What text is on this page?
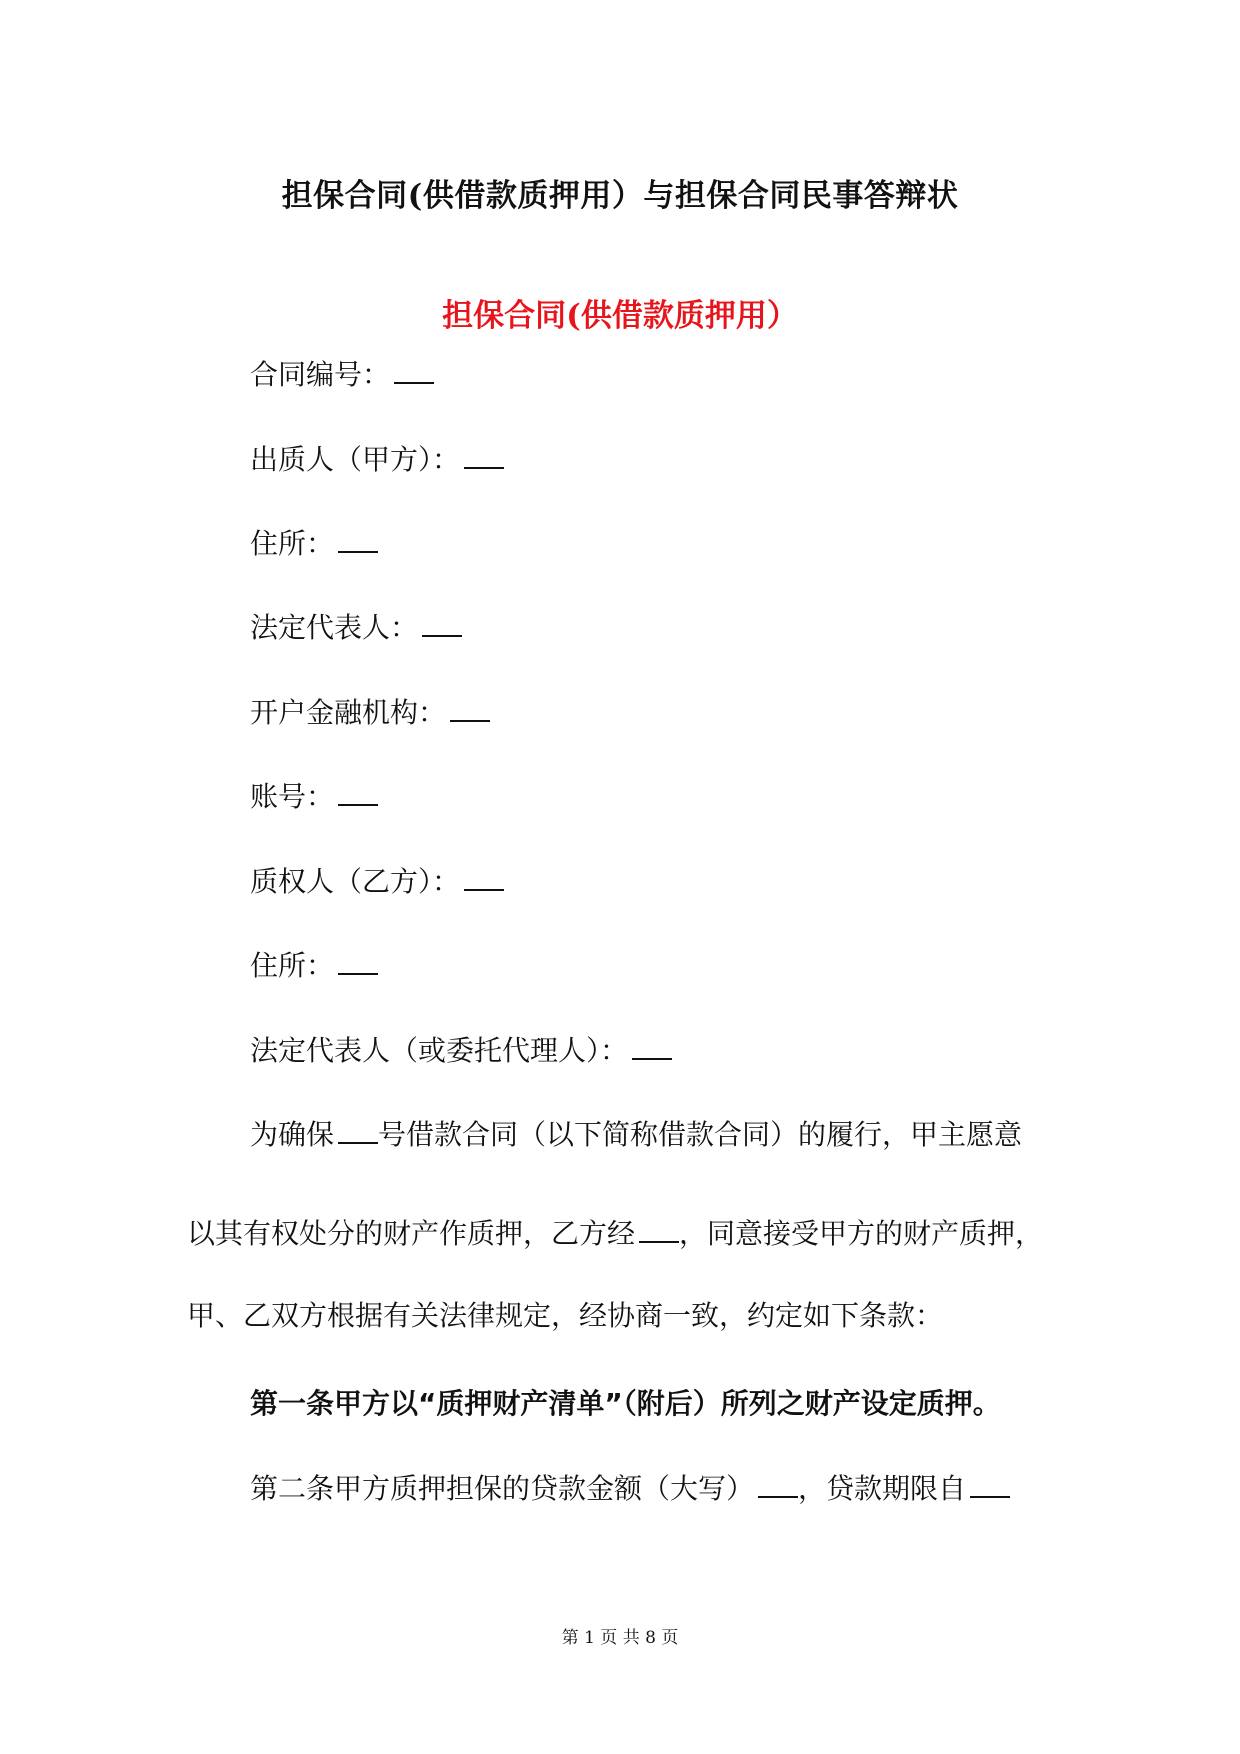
担保合同(供借款质押用）与担保合同民事答辩状
担保合同(供借款质押用）
合同编号：
出质人（甲方）：
住所：
法定代表人：
开户金融机构：
账号：
质权人（乙方）：
住所：
法定代表人（或委托代理人）：
为确保 号借款合同（以下简称借款合同）的履行，甲主愿意
以其有权处分的财产作质押，乙方经 ，同意接受甲方的财产质押，
甲、乙双方根据有关法律规定，经协商一致，约定如下条款：
第一条甲方以“质押财产清单”（附后）所列之财产设定质押。
第二条甲方质押担保的贷款金额（大写） ，贷款期限自
第 1 页 共 8 页
